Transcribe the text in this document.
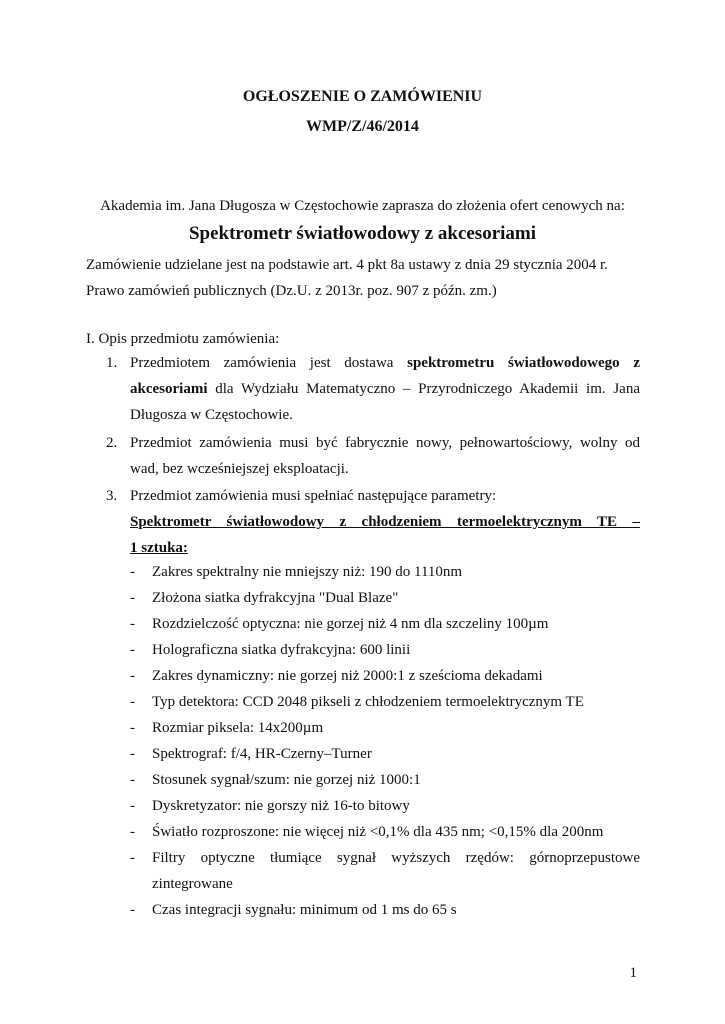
OGŁOSZENIE O ZAMÓWIENIU
WMP/Z/46/2014
Akademia im. Jana Długosza w Częstochowie zaprasza do złożenia ofert cenowych na:
Spektrometr światłowodowy z akcesoriami
Zamówienie udzielane jest na podstawie art. 4 pkt 8a ustawy z dnia 29 stycznia 2004 r. Prawo zamówień publicznych (Dz.U. z 2013r. poz. 907 z późn. zm.)
I. Opis przedmiotu zamówienia:
1. Przedmiotem zamówienia jest dostawa spektrometru światłowodowego z akcesoriami dla Wydziału Matematyczno – Przyrodniczego Akademii im. Jana Długosza w Częstochowie.
2. Przedmiot zamówienia musi być fabrycznie nowy, pełnowartościowy, wolny od wad, bez wcześniejszej eksploatacji.
3. Przedmiot zamówienia musi spełniać następujące parametry:
Spektrometr światłowodowy z chłodzeniem termoelektrycznym TE –
1 sztuka:
- Zakres spektralny nie mniejszy niż: 190 do 1110nm
- Złożona siatka dyfrakcyjna "Dual Blaze"
- Rozdzielczość optyczna: nie gorzej niż 4 nm dla szczeliny 100µm
- Holograficzna siatka dyfrakcyjna: 600 linii
- Zakres dynamiczny: nie gorzej niż 2000:1 z sześcioma dekadami
- Typ detektora: CCD 2048 pikseli z chłodzeniem termoelektrycznym TE
- Rozmiar piksela: 14x200µm
- Spektrograf: f/4, HR-Czerny–Turner
- Stosunek sygnał/szum: nie gorzej niż 1000:1
- Dyskretyzator: nie gorszy niż 16-to bitowy
- Światło rozproszone: nie więcej niż <0,1% dla 435 nm; <0,15% dla 200nm
- Filtry optyczne tłumiące sygnał wyższych rzędów: górnoprzepustowe zintegrowane
- Czas integracji sygnału: minimum od 1 ms do 65 s
1
